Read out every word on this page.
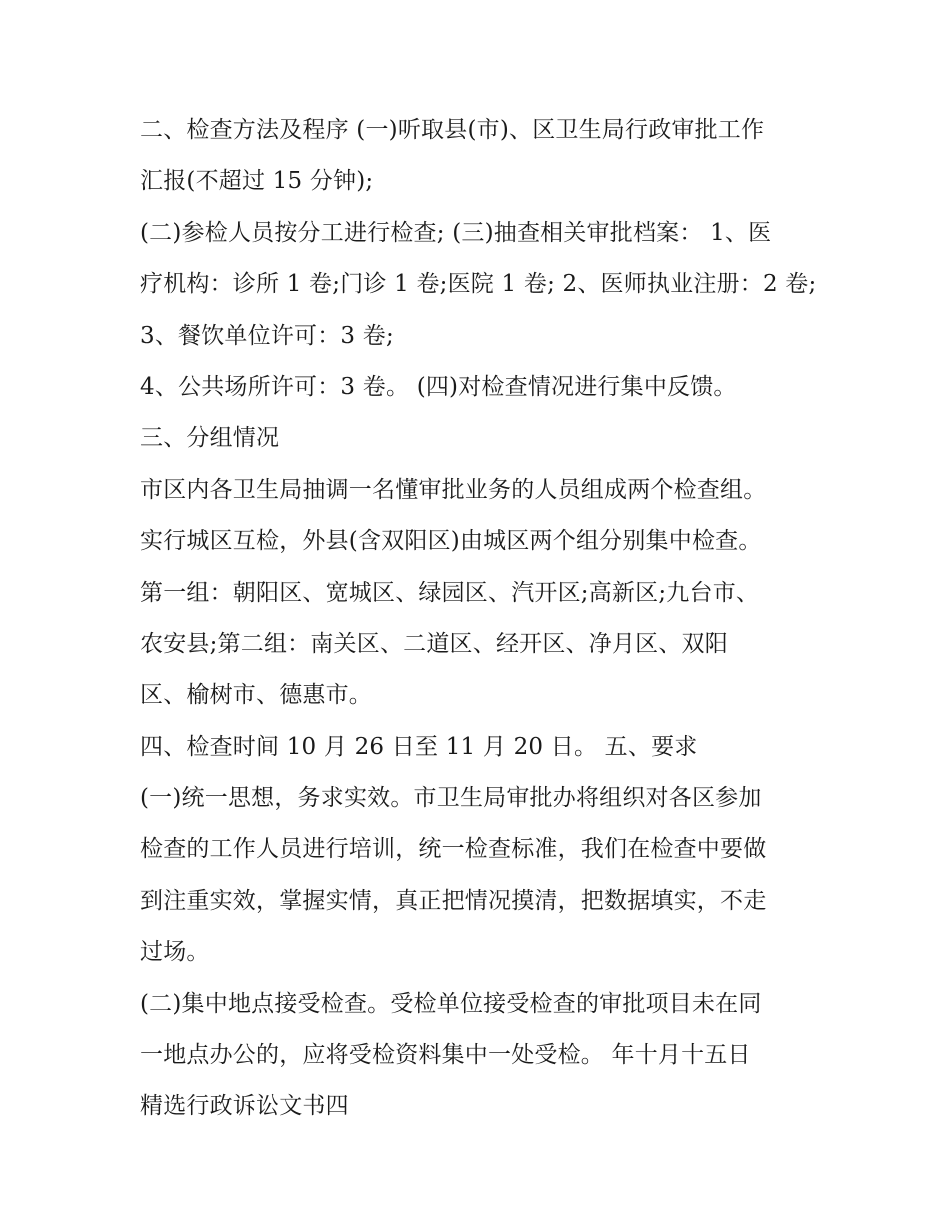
二、检查方法及程序 (一)听取县(市)、区卫生局行政审批工作
汇报(不超过 15 分钟);
(二)参检人员按分工进行检查; (三)抽查相关审批档案： 1、医
疗机构：诊所 1 卷;门诊 1 卷;医院 1 卷; 2、医师执业注册：2 卷;
3、餐饮单位许可：3 卷;
4、公共场所许可：3 卷。 (四)对检查情况进行集中反馈。
三、分组情况
市区内各卫生局抽调一名懂审批业务的人员组成两个检查组。
实行城区互检，外县(含双阳区)由城区两个组分别集中检查。
第一组：朝阳区、宽城区、绿园区、汽开区;高新区;九台市、
农安县;第二组：南关区、二道区、经开区、净月区、双阳
区、榆树市、德惠市。
四、检查时间 10 月 26 日至 11 月 20 日。 五、要求
(一)统一思想，务求实效。市卫生局审批办将组织对各区参加
检查的工作人员进行培训，统一检查标准，我们在检查中要做
到注重实效，掌握实情，真正把情况摸清，把数据填实，不走
过场。
(二)集中地点接受检查。受检单位接受检查的审批项目未在同
一地点办公的，应将受检资料集中一处受检。 年十月十五日
精选行政诉讼文书四
